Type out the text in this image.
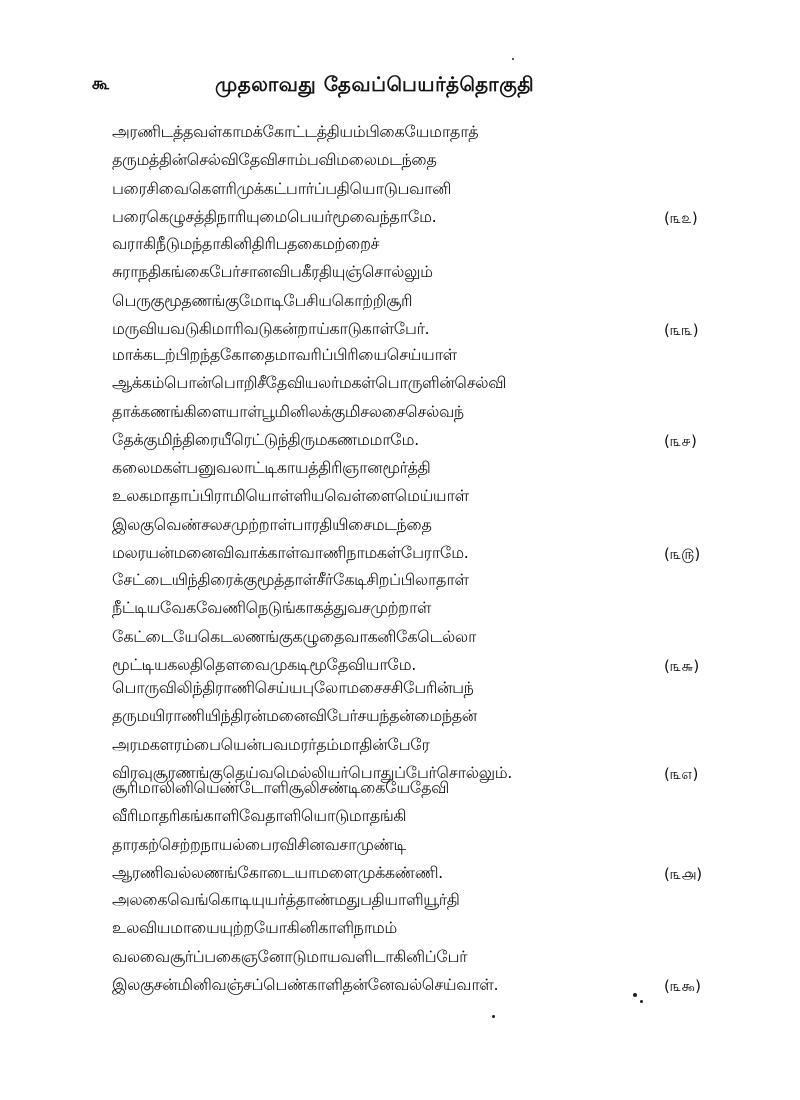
கூ	முதலாவது தேவப்பெயர்த்தொகுதி
அரணிடத்தவள்காமக்கோட்டத்தியம்பிகையேமாதாத்
தருமத்தின்செல்விதேவிசாம்பவிமலைமடந்தை
பரைசிவைகௌரிமுக்கட்பார்ப்பதியொடுபவானி
பரைகெழுசத்திநாரியுமைபெயர்மூவைந்தாமே.	(௩௨)
வராகிநீடுமந்தாகினிதிரிபதகைமற்றைச்
சுராநதிகங்கைபேர்சானவிபகீரதியுஞ்சொல்லும்
பெருகுமூதணங்குமோடிபேசியகொற்றிசூரி
மருவியவடுகிமாரிவடுகன்றாய்காடுகாள்பேர்.	(௩௩)
மாக்கடற்பிறந்தகோதைமாவரிப்பிரியைசெய்யாள்
ஆக்கம்பொன்பொறிசீதேவியலர்மகள்பொருளின்செல்வி
தாக்கணங்கிளையாள்பூமினிலக்குமிசலசைசெல்வந்
தேக்குமிந்திரையீரெட்டுந்திருமகணமமாமே.	(௩௪)
கலைமகள்பனுவலாட்டிகாயத்திரிஞானமூர்த்தி
உலகமாதாப்பிராமியொள்ளியவெள்ளைமெய்யாள்
இலகுவெண்சலசமுற்றாள்பாரதியிசைமடந்தை
மலரயன்மனைவிவாக்காள்வாணிநாமகள்பேராமே.	(௩௫)
சேட்டையிந்திரைக்குமூத்தாள்சீர்கேடிசிறப்பிலாதாள்
நீட்டியவேகவேணிநெடுங்காகத்துவசமுற்றாள்
கேட்டையேகெடலணங்குகழுதைவாகனிகேடெல்லா
மூட்டியகலதிதௌவைமுகடிமூதேவியாமே.	(௩௬)
பொருவிலிந்திராணிசெய்யபுலோமசைசசிபேரின்பந்
தருமயிராணியிந்திரன்மனைவிபேர்சயந்தன்மைந்தன்
அரமகளரம்பையென்பவமரர்தம்மாதின்பேரே
விரவுசூரணங்குதெய்வமெல்லியர்பொதுப்பேர்சொல்லும்.	(௩௭)
சூரிமாலினியெண்டோளிசூலிசண்டிகையேதேவி
வீரிமாதரிகங்காளிவேதாளியொடுமாதங்கி
தாரகற்செற்றநாயல்பைரவிசினவசாமுண்டி
ஆரணிவல்லணங்கோடையாமளைமுக்கண்ணி.	(௩௮)
அலகைவெங்கொடியுயர்த்தாண்மதுபதியாளியூர்தி
உலவியமாயையுற்றயோகினிகாளிநாமம்
வலவைசூர்ப்பகைஞனோடுமாயவளிடாகினிப்பேர்
இலகுசன்மினிவஞ்சப்பெண்காளிதன்னேவல்செய்வாள்.	(௩௯)
